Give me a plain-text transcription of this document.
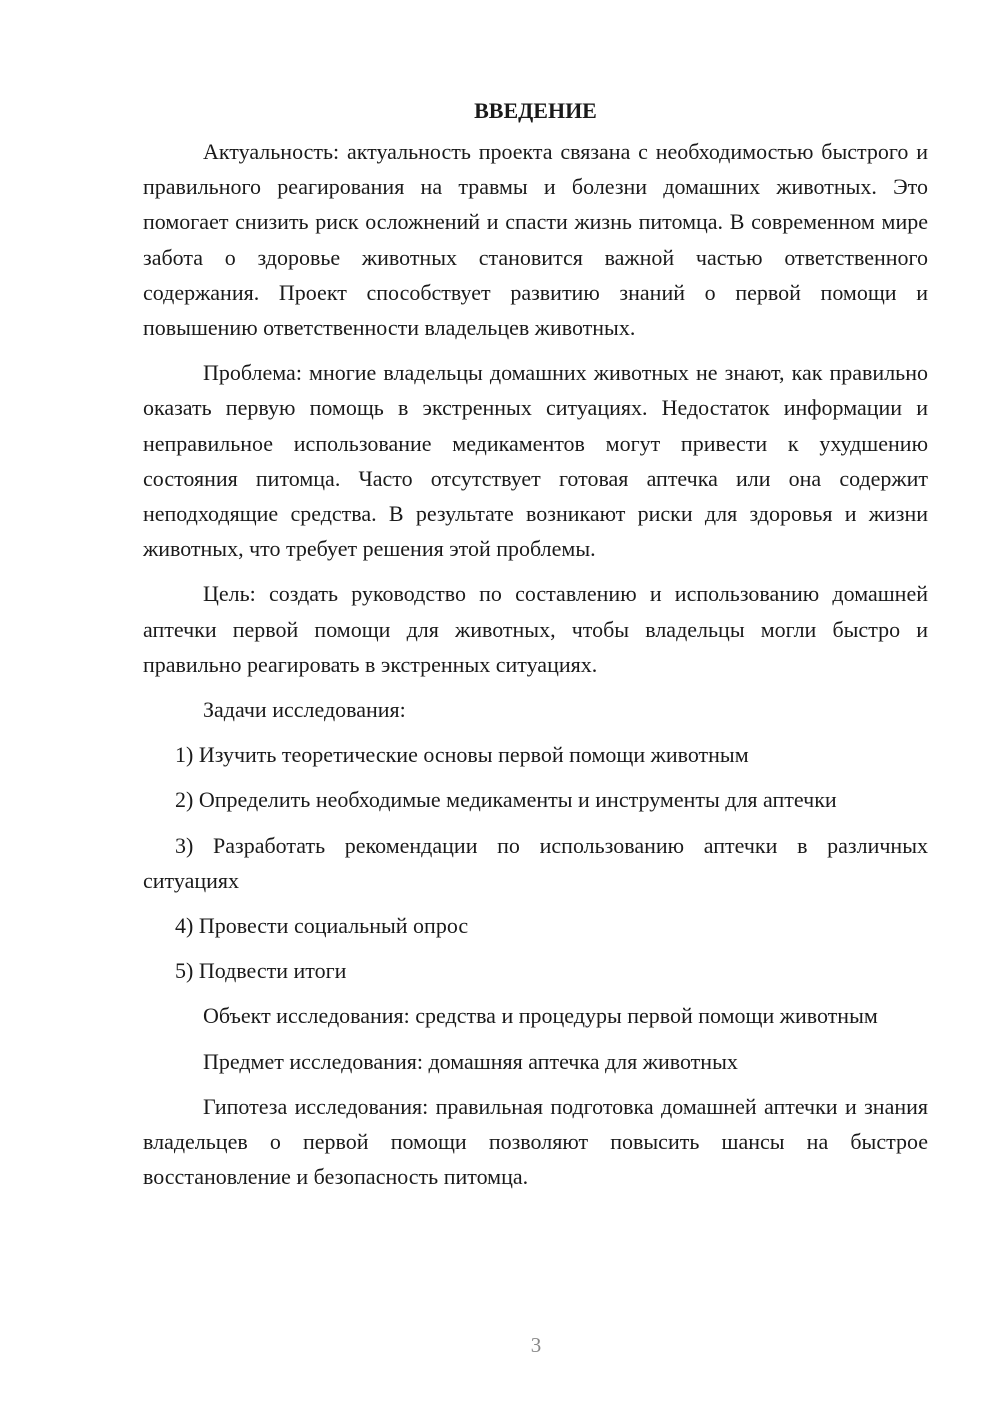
ВВЕДЕНИЕ

Актуальность: актуальность проекта связана с необходимостью быстрого и правильного реагирования на травмы и болезни домашних животных. Это помогает снизить риск осложнений и спасти жизнь питомца. В современном мире забота о здоровье животных становится важной частью ответственного содержания. Проект способствует развитию знаний о первой помощи и повышению ответственности владельцев животных.

Проблема: многие владельцы домашних животных не знают, как правильно оказать первую помощь в экстренных ситуациях. Недостаток информации и неправильное использование медикаментов могут привести к ухудшению состояния питомца. Часто отсутствует готовая аптечка или она содержит неподходящие средства. В результате возникают риски для здоровья и жизни животных, что требует решения этой проблемы.

Цель: создать руководство по составлению и использованию домашней аптечки первой помощи для животных, чтобы владельцы могли быстро и правильно реагировать в экстренных ситуациях.

Задачи исследования:

1) Изучить теоретические основы первой помощи животным

2) Определить необходимые медикаменты и инструменты для аптечки

3) Разработать рекомендации по использованию аптечки в различных ситуациях

4) Провести социальный опрос

5) Подвести итоги

Объект исследования: средства и процедуры первой помощи животным

Предмет исследования: домашняя аптечка для животных

Гипотеза исследования: правильная подготовка домашней аптечки и знания владельцев о первой помощи позволяют повысить шансы на быстрое восстановление и безопасность питомца.

3
